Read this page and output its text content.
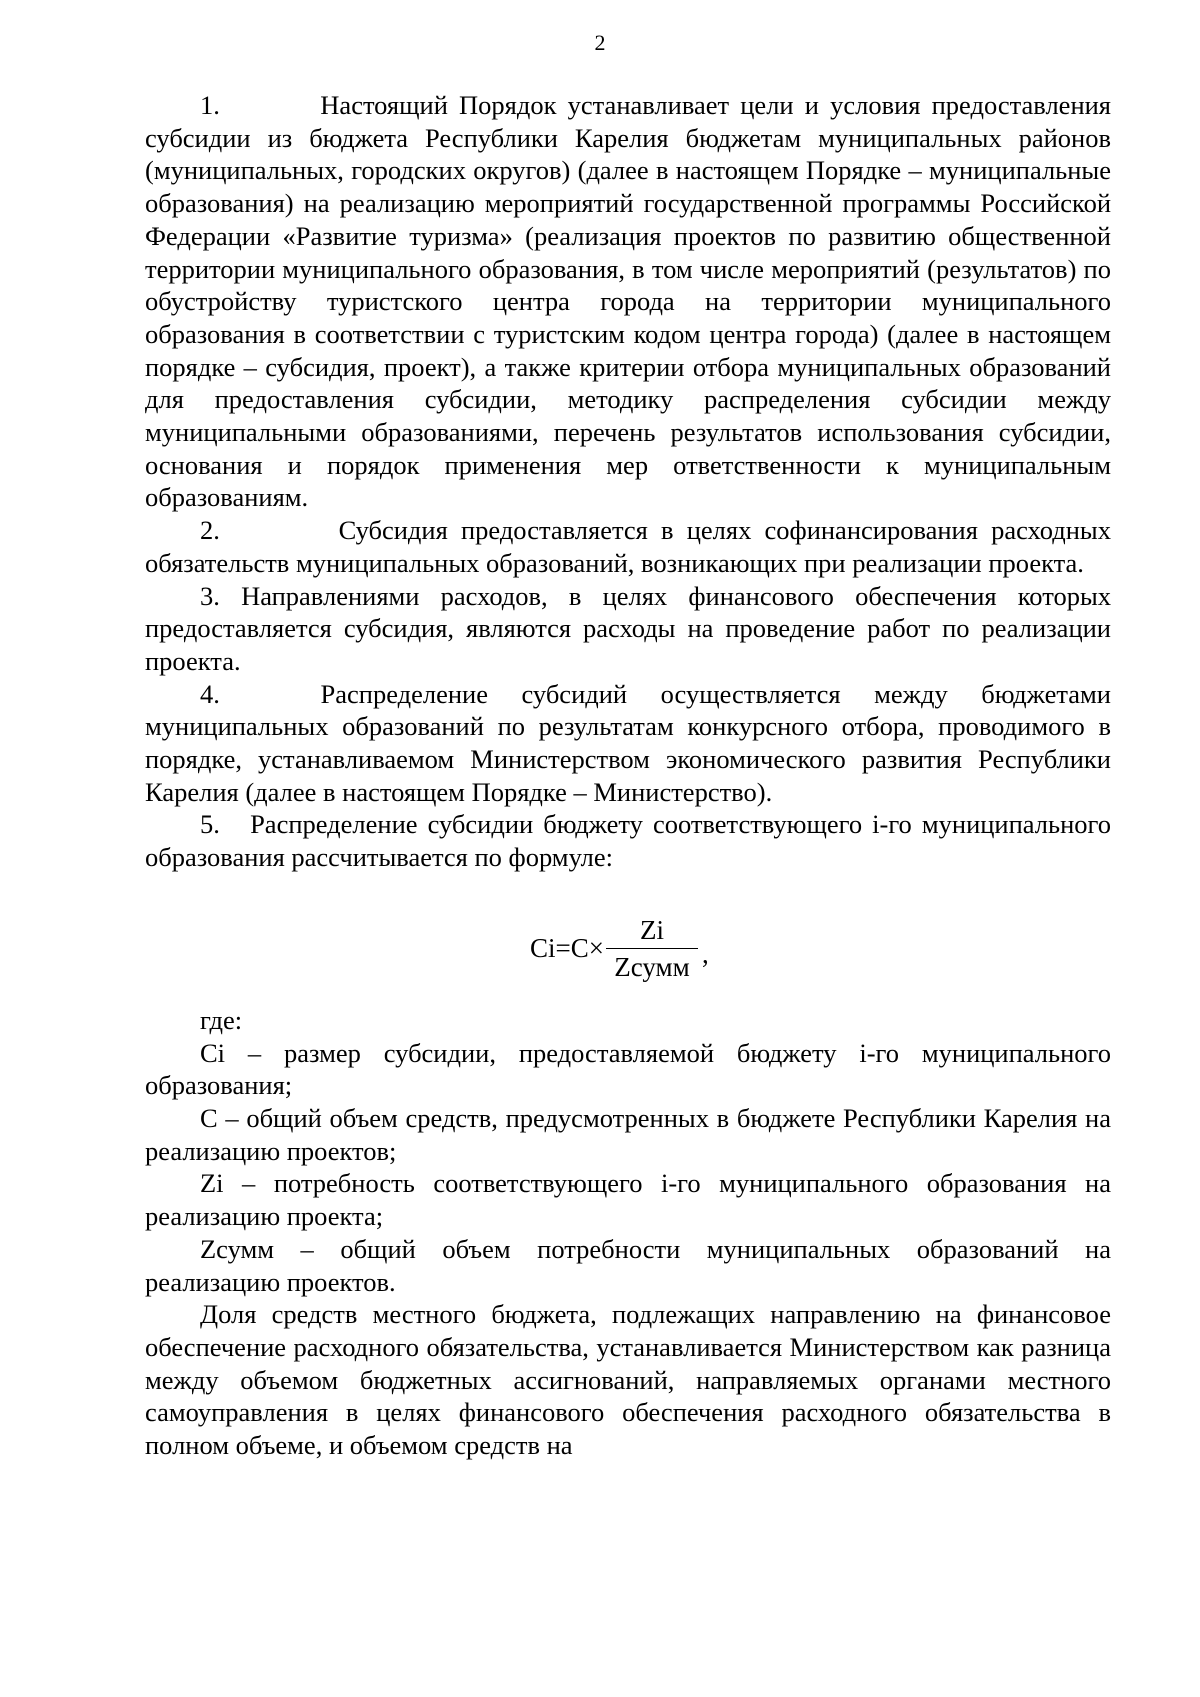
2

1.         Настоящий Порядок устанавливает цели и условия предоставления субсидии из бюджета Республики Карелия бюджетам муниципальных районов (муниципальных, городских округов) (далее в настоящем Порядке – муниципальные образования) на реализацию мероприятий государственной программы Российской Федерации «Развитие туризма» (реализация проектов по развитию общественной территории муниципального образования, в том числе мероприятий (результатов) по обустройству туристского центра города на территории муниципального образования в соответствии с туристским кодом центра города) (далее в настоящем порядке – субсидия, проект), а также критерии отбора муниципальных образований для предоставления субсидии, методику распределения субсидии между муниципальными образованиями, перечень результатов использования субсидии, основания и порядок применения мер ответственности к муниципальным образованиям.

2.         Субсидия предоставляется в целях софинансирования расходных обязательств муниципальных образований, возникающих при реализации проекта.

3. Направлениями расходов, в целях финансового обеспечения которых предоставляется субсидия, являются расходы на проведение работ по реализации проекта.

4.   Распределение субсидий осуществляется между бюджетами муниципальных образований по результатам конкурсного отбора, проводимого в порядке, устанавливаемом Министерством экономического развития Республики Карелия (далее в настоящем Порядке – Министерство).

5.   Распределение субсидии бюджету соответствующего i-го муниципального образования рассчитывается по формуле:

$Ci=C\times \frac{Zi}{\text{Zсумм}}$ ,

где:

Ci – размер субсидии, предоставляемой бюджету i-го муниципального образования;

C – общий объем средств, предусмотренных в бюджете Республики Карелия на реализацию проектов;

Zi – потребность соответствующего i-го муниципального образования на реализацию проекта;

Zсумм – общий объем потребности муниципальных образований на реализацию проектов.

Доля средств местного бюджета, подлежащих направлению на финансовое обеспечение расходного обязательства, устанавливается Министерством как разница между объемом бюджетных ассигнований, направляемых органами местного самоуправления в целях финансового обеспечения расходного обязательства в полном объеме, и объемом средств на
